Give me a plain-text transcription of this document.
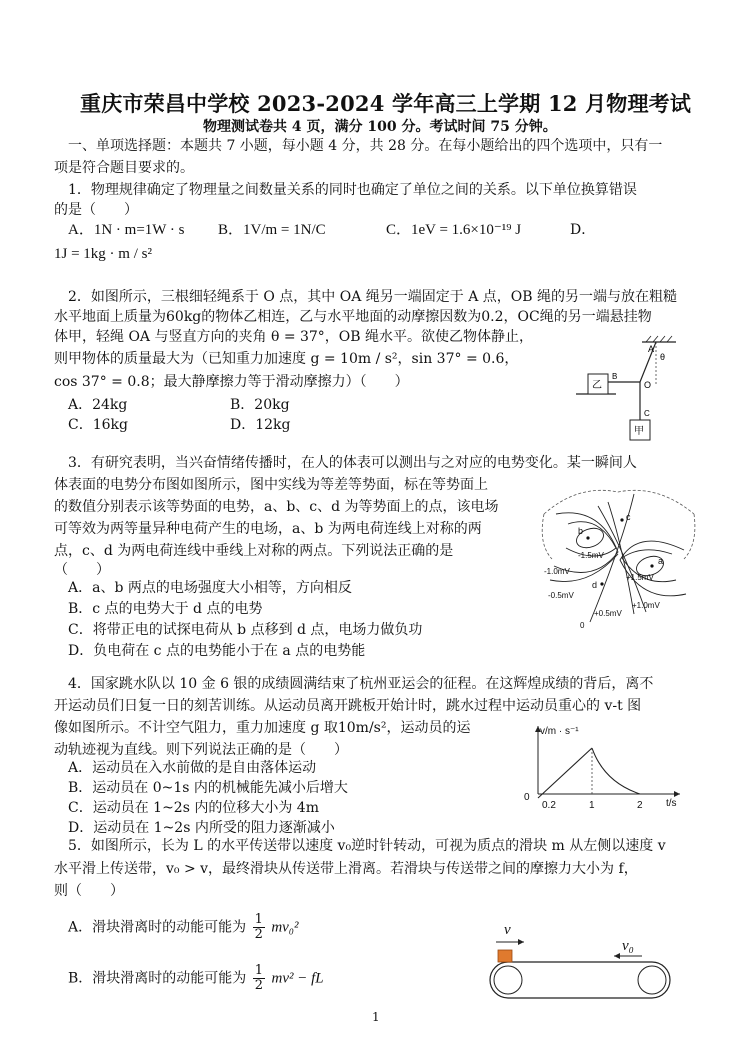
重庆市荣昌中学校 2023-2024 学年高三上学期 12 月物理考试
物理测试卷共 4 页，满分 100 分。考试时间 75 分钟。
一、单项选择题：本题共 7 小题，每小题 4 分，共 28 分。在每小题给出的四个选项中，只有一
项是符合题目要求的。
1．物理规律确定了物理量之间数量关系的同时也确定了单位之间的关系。以下单位换算错误
的是（　　）
A．1N · m=1W · s B．1V/m = 1N/C	C．1eV = 1.6×10⁻¹⁹ J	D．
1J = 1kg · m / s²
2．如图所示，三根细轻绳系于 O 点，其中 OA 绳另一端固定于 A 点，OB 绳的另一端与放在粗糙
水平地面上质量为60kg的物体乙相连，乙与水平地面的动摩擦因数为0.2，OC绳的另一端悬挂物
体甲，轻绳 OA 与竖直方向的夹角 θ = 37°，OB 绳水平。欲使乙物体静止，
则甲物体的质量最大为（已知重力加速度 g = 10m / s²，sin 37° = 0.6，
cos 37° = 0.8；最大静摩擦力等于滑动摩擦力）（　　）
A．24kg	B．20kg
C．16kg	D．12kg
A
θ
B
O
C
乙
甲
3．有研究表明，当兴奋情绪传播时，在人的体表可以测出与之对应的电势变化。某一瞬间人
体表面的电势分布图如图所示，图中实线为等差等势面，标在等势面上
的数值分别表示该等势面的电势，a、b、c、d 为等势面上的点，该电场
可等效为两等量异种电荷产生的电场，a、b 为两电荷连线上对称的两
点，c、d 为两电荷连线中垂线上对称的两点。下列说法正确的是
（　　）
A．a、b 两点的电场强度大小相等，方向相反
B．c 点的电势大于 d 点的电势
C．将带正电的试探电荷从 b 点移到 d 点，电场力做负功
D．负电荷在 c 点的电势能小于在 a 点的电势能
b
a
c
d
-1.5mV
-1.0mV
-0.5mV
+0.5mV
+1.0mV
+1.5mV
0
4．国家跳水队以 10 金 6 银的成绩圆满结束了杭州亚运会的征程。在这辉煌成绩的背后，离不
开运动员们日复一日的刻苦训练。从运动员离开跳板开始计时，跳水过程中运动员重心的 v-t 图
像如图所示。不计空气阻力，重力加速度 g 取10m/s²，运动员的运
动轨迹视为直线。则下列说法正确的是（　　）
A．运动员在入水前做的是自由落体运动
B．运动员在 0~1s 内的机械能先减小后增大
C．运动员在 1~2s 内的位移大小为 4m
D．运动员在 1~2s 内所受的阻力逐渐减小
v/m · s⁻¹
t/s
0
0.2	1	2
5．如图所示，长为 L 的水平传送带以速度 v₀逆时针转动，可视为质点的滑块 m 从左侧以速度 v
水平滑上传送带，v₀ > v，最终滑块从传送带上滑离。若滑块与传送带之间的摩擦力大小为 f，
则（　　）
A．滑块滑离时的动能可能为 $\frac{1}{2} mv_0^2$
B．滑块滑离时的动能可能为 $\frac{1}{2} mv^2$ − fL
v
v₀
1
